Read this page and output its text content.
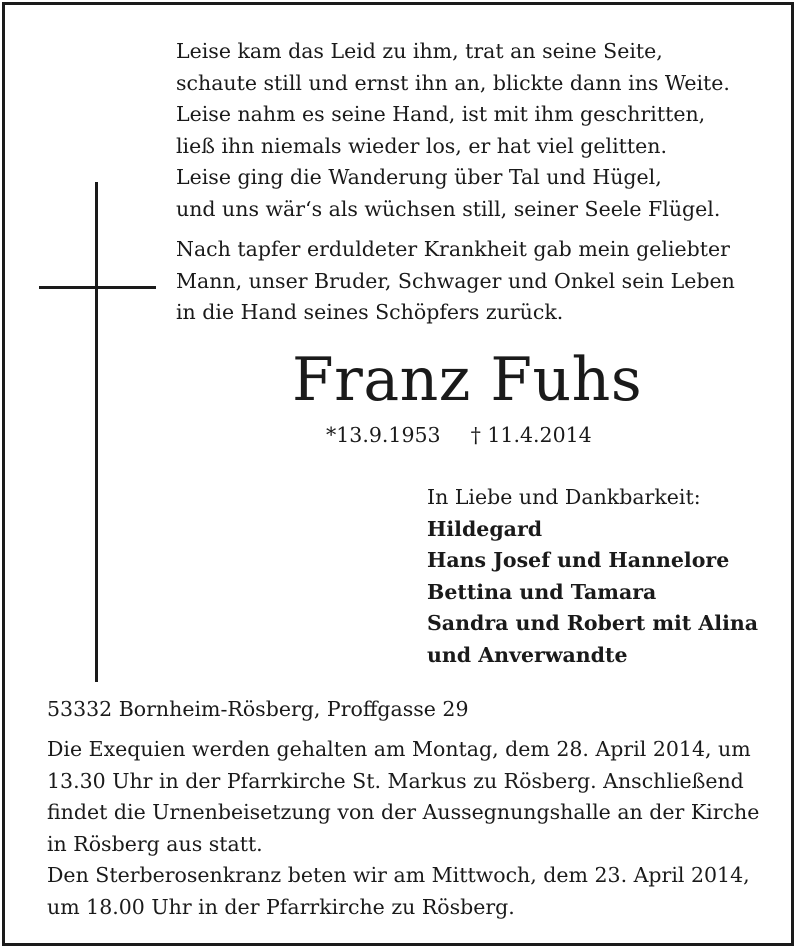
Leise kam das Leid zu ihm, trat an seine Seite,
schaute still und ernst ihn an, blickte dann ins Weite.
Leise nahm es seine Hand, ist mit ihm geschritten,
ließ ihn niemals wieder los, er hat viel gelitten.
Leise ging die Wanderung über Tal und Hügel,
und uns wär‘s als wüchsen still, seiner Seele Flügel.
Nach tapfer erduldeter Krankheit gab mein geliebter
Mann, unser Bruder, Schwager und Onkel sein Leben
in die Hand seines Schöpfers zurück.
Franz Fuhs
*13.9.1953 † 11.4.2014
In Liebe und Dankbarkeit:
Hildegard
Hans Josef und Hannelore
Bettina und Tamara
Sandra und Robert mit Alina
und Anverwandte
53332 Bornheim-Rösberg, Proffgasse 29
Die Exequien werden gehalten am Montag, dem 28. April 2014, um
13.30 Uhr in der Pfarrkirche St. Markus zu Rösberg. Anschließend
findet die Urnenbeisetzung von der Aussegnungshalle an der Kirche
in Rösberg aus statt.
Den Sterberosenkranz beten wir am Mittwoch, dem 23. April 2014,
um 18.00 Uhr in der Pfarrkirche zu Rösberg.
